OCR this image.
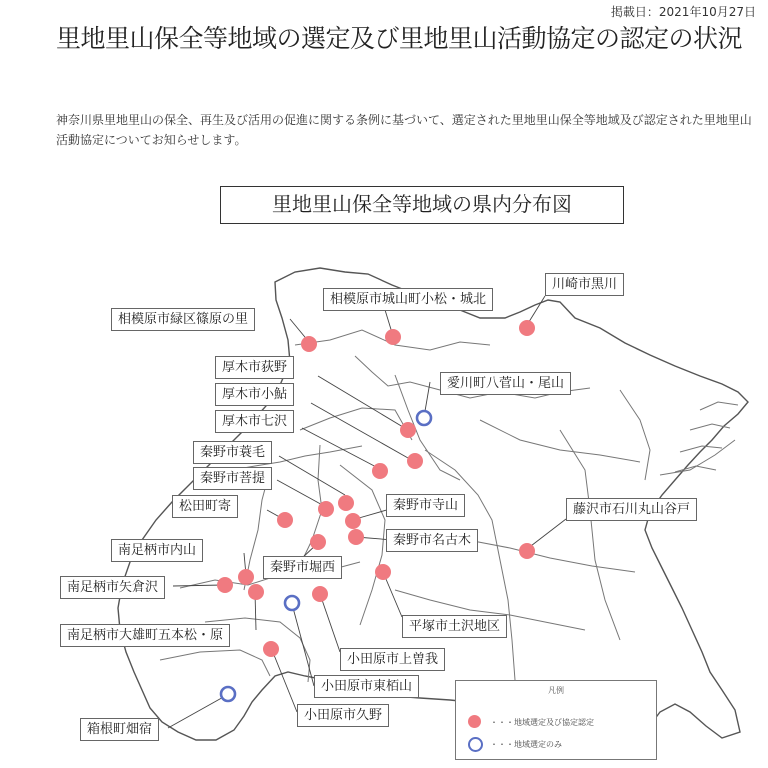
掲載日：2021年10月27日
里地里山保全等地域の選定及び里地里山活動協定の認定の状況
神奈川県里地里山の保全、再生及び活用の促進に関する条例に基づいて、選定された里地里山保全等地域及び認定された里地里山活動協定についてお知らせします。
里地里山保全等地域の県内分布図
相模原市緑区篠原の里
相模原市城山町小松・城北
川崎市黒川
厚木市荻野
厚木市小鮎
厚木市七沢
愛川町八菅山・尾山
秦野市蓑毛
秦野市菩提
松田町寄	秦野市寺山
秦野市名古木
藤沢市石川丸山谷戸
南足柄市内山
秦野市堀西
南足柄市矢倉沢
平塚市土沢地区
南足柄市大雄町五本松・原
小田原市上曽我
小田原市東栢山
箱根町畑宿
小田原市久野
凡例
・・・地域選定及び協定認定
・・・地域選定のみ
